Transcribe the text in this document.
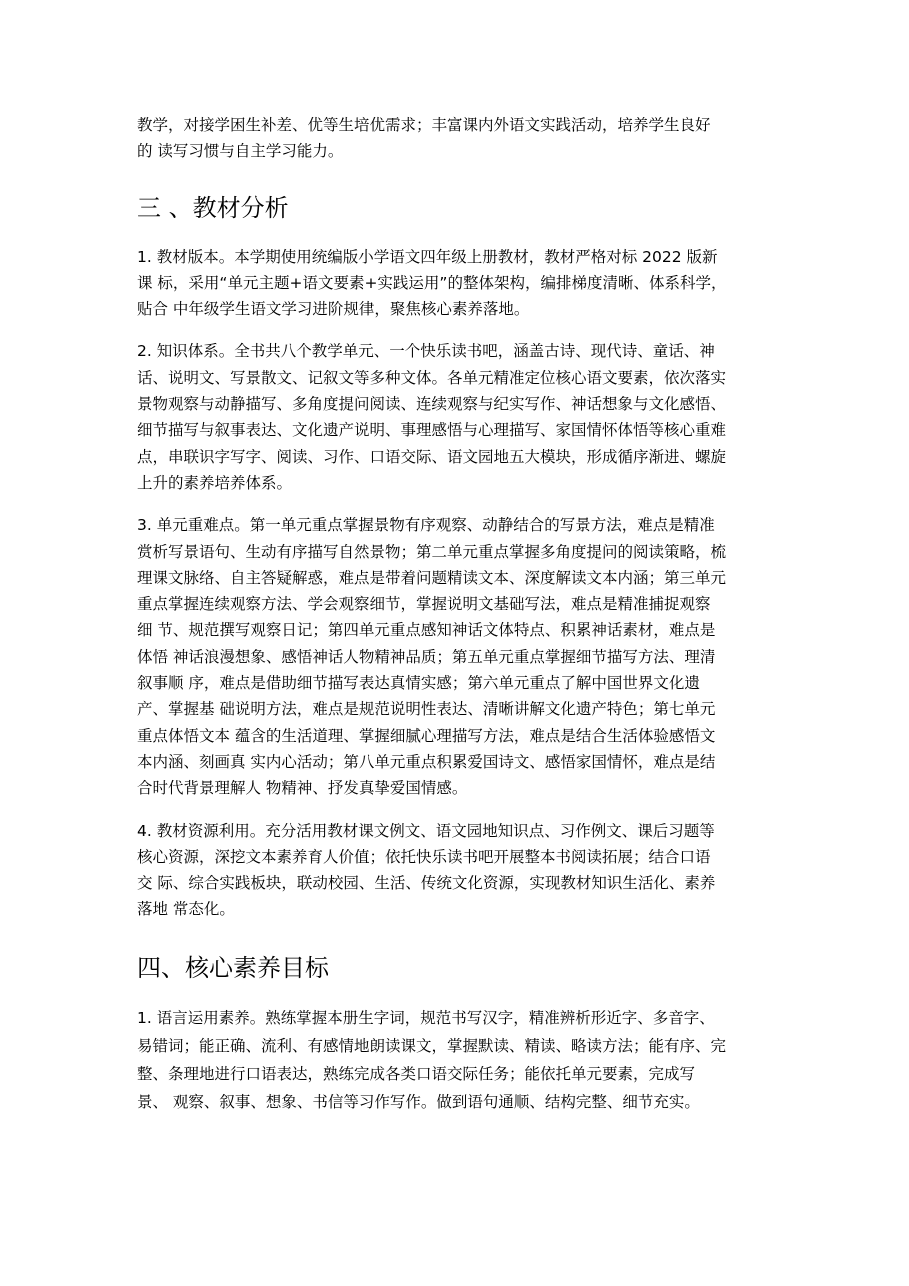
教学，对接学困生补差、优等生培优需求；丰富课内外语文实践活动，培养学生良好
的 读写习惯与自主学习能力。

三 、教材分析

1. 教材版本。本学期使用统编版小学语文四年级上册教材，教材严格对标 2022 版新
课 标，采用“单元主题+语文要素+实践运用”的整体架构，编排梯度清晰、体系科学，
贴合 中年级学生语文学习进阶规律，聚焦核心素养落地。

2. 知识体系。全书共八个教学单元、一个快乐读书吧，涵盖古诗、现代诗、童话、神
话、说明文、写景散文、记叙文等多种文体。各单元精准定位核心语文要素，依次落实
景物观察与动静描写、多角度提问阅读、连续观察与纪实写作、神话想象与文化感悟、
细节描写与叙事表达、文化遗产说明、事理感悟与心理描写、家国情怀体悟等核心重难
点，串联识字写字、阅读、习作、口语交际、语文园地五大模块，形成循序渐进、螺旋
上升的素养培养体系。

3. 单元重难点。第一单元重点掌握景物有序观察、动静结合的写景方法，难点是精准
赏析写景语句、生动有序描写自然景物；第二单元重点掌握多角度提问的阅读策略，梳
理课文脉络、自主答疑解惑，难点是带着问题精读文本、深度解读文本内涵；第三单元
重点掌握连续观察方法、学会观察细节，掌握说明文基础写法，难点是精准捕捉观察
细 节、规范撰写观察日记；第四单元重点感知神话文体特点、积累神话素材，难点是
体悟 神话浪漫想象、感悟神话人物精神品质；第五单元重点掌握细节描写方法、理清
叙事顺 序，难点是借助细节描写表达真情实感；第六单元重点了解中国世界文化遗
产、掌握基 础说明方法，难点是规范说明性表达、清晰讲解文化遗产特色；第七单元
重点体悟文本 蕴含的生活道理、掌握细腻心理描写方法，难点是结合生活体验感悟文
本内涵、刻画真 实内心活动；第八单元重点积累爱国诗文、感悟家国情怀，难点是结
合时代背景理解人 物精神、抒发真挚爱国情感。

4. 教材资源利用。充分活用教材课文例文、语文园地知识点、习作例文、课后习题等
核心资源，深挖文本素养育人价值；依托快乐读书吧开展整本书阅读拓展；结合口语
交 际、综合实践板块，联动校园、生活、传统文化资源，实现教材知识生活化、素养
落地 常态化。

四、核心素养目标

1. 语言运用素养。熟练掌握本册生字词，规范书写汉字，精准辨析形近字、多音字、
易错词；能正确、流利、有感情地朗读课文，掌握默读、精读、略读方法；能有序、完
整、条理地进行口语表达，熟练完成各类口语交际任务；能依托单元要素，完成写
景、 观察、叙事、想象、书信等习作写作。做到语句通顺、结构完整、细节充实。
